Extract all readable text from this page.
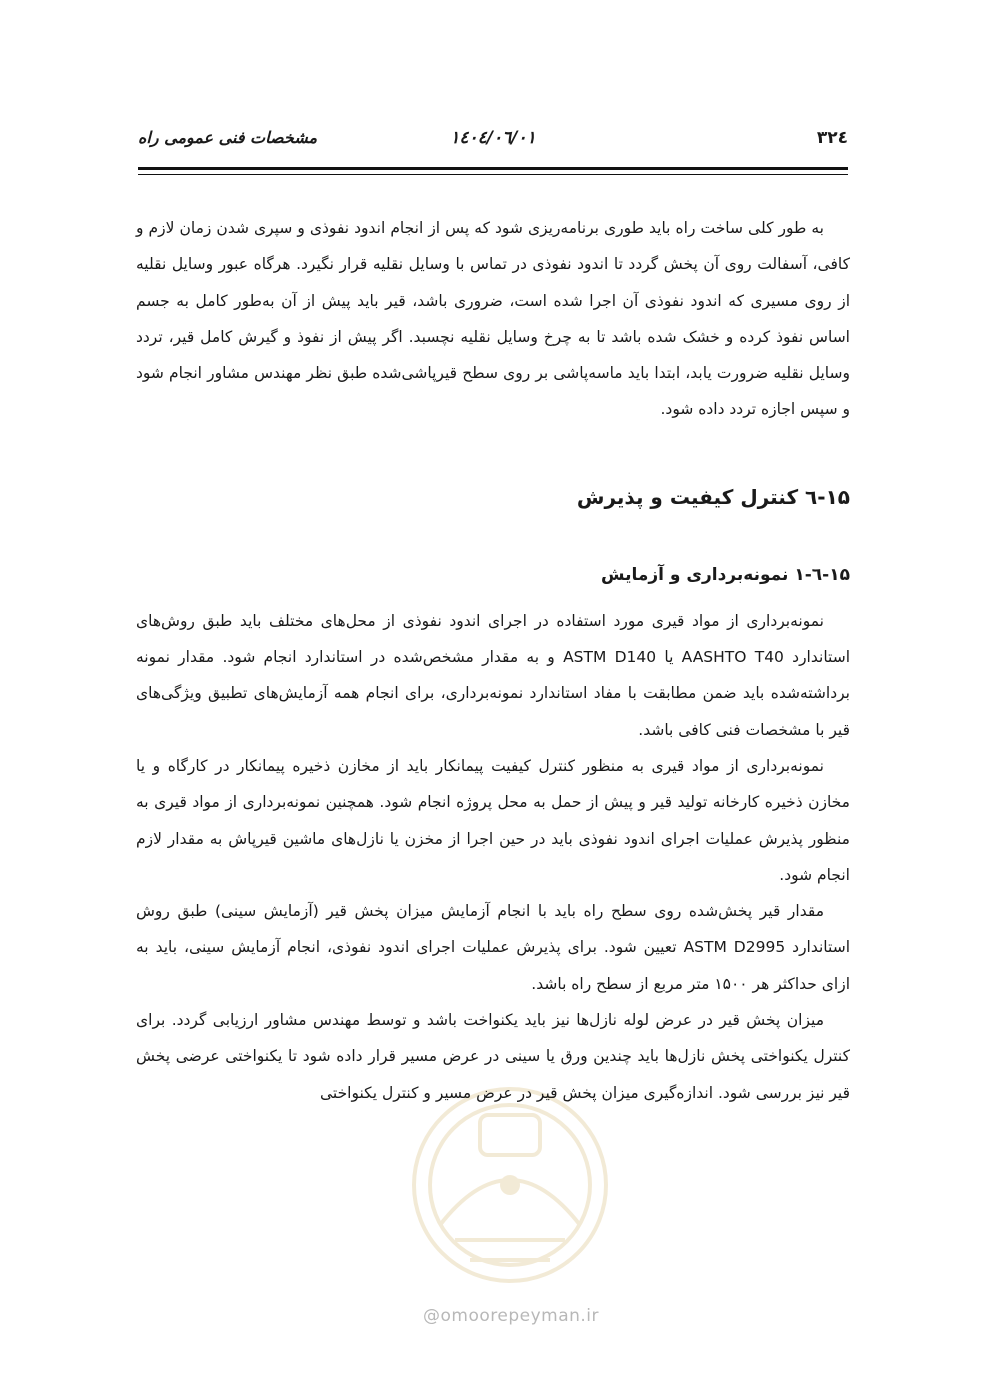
۳۲٤
۱٤۰٤/۰٦/۰۱
مشخصات فنی عمومی راه
@omoorepeyman.ir

به طور کلی ساخت راه باید طوری برنامه‌ریزی شود که پس از انجام اندود نفوذی و سپری شدن زمان لازم و کافی، آسفالت روی آن پخش گردد تا اندود نفوذی در تماس با وسایل نقلیه قرار نگیرد. هرگاه عبور وسایل نقلیه از روی مسیری که اندود نفوذی آن اجرا شده است، ضروری باشد، قیر باید پیش از آن به‌طور کامل به جسم اساس نفوذ کرده و خشک شده باشد تا به چرخ وسایل نقلیه نچسبد. اگر پیش از نفوذ و گیرش کامل قیر، تردد وسایل نقلیه ضرورت یابد، ابتدا باید ماسه‌پاشی بر روی سطح قیرپاشی‌شده طبق نظر مهندس مشاور انجام شود و سپس اجازه تردد داده شود.

۱۵-٦ کنترل کیفیت و پذیرش
۱۵-٦-۱ نمونه‌برداری و آزمایش

نمونه‌برداری از مواد قیری مورد استفاده در اجرای اندود نفوذی از محل‌های مختلف باید طبق روش‌های استاندارد AASHTO T40 یا ASTM D140 و به مقدار مشخص‌شده در استاندارد انجام شود. مقدار نمونه برداشته‌شده باید ضمن مطابقت با مفاد استاندارد نمونه‌برداری، برای انجام همه آزمایش‌های تطبیق ویژگی‌های قیر با مشخصات فنی کافی باشد.

نمونه‌برداری از مواد قیری به منظور کنترل کیفیت پیمانکار باید از مخازن ذخیره پیمانکار در کارگاه و یا مخازن ذخیره کارخانه تولید قیر و پیش از حمل به محل پروژه انجام شود. همچنین نمونه‌برداری از مواد قیری به منظور پذیرش عملیات اجرای اندود نفوذی باید در حین اجرا از مخزن یا نازل‌های ماشین قیرپاش به مقدار لازم انجام شود.

مقدار قیر پخش‌شده روی سطح راه باید با انجام آزمایش میزان پخش قیر (آزمایش سینی) طبق روش استاندارد ASTM D2995 تعیین شود. برای پذیرش عملیات اجرای اندود نفوذی، انجام آزمایش سینی، باید به ازای حداکثر هر ۱۵۰۰ متر مربع از سطح راه باشد.

میزان پخش قیر در عرض لوله نازل‌ها نیز باید یکنواخت باشد و توسط مهندس مشاور ارزیابی گردد. برای کنترل یکنواختی پخش نازل‌ها باید چندین ورق یا سینی در عرض مسیر قرار داده شود تا یکنواختی عرضی پخش قیر نیز بررسی شود. اندازه‌گیری میزان پخش قیر در عرض مسیر و کنترل یکنواختی
